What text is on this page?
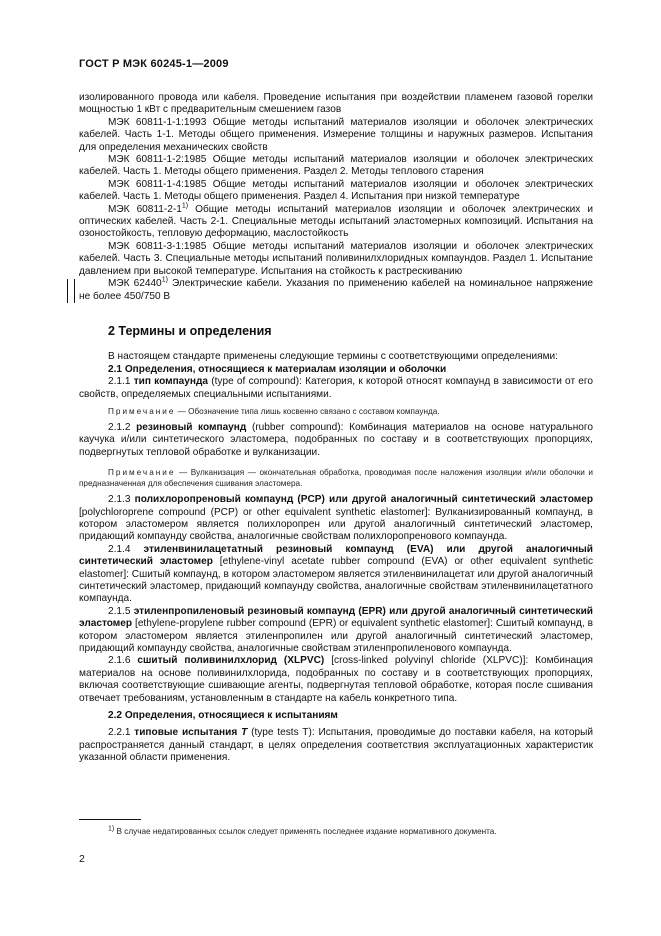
ГОСТ Р МЭК 60245-1—2009

изолированного провода или кабеля. Проведение испытания при воздействии пламенем газовой горелки мощностью 1 кВт с предварительным смешением газов

МЭК 60811-1-1:1993 Общие методы испытаний материалов изоляции и оболочек электрических кабелей. Часть 1-1. Методы общего применения. Измерение толщины и наружных размеров. Испытания для определения механических свойств

МЭК 60811-1-2:1985 Общие методы испытаний материалов изоляции и оболочек электрических кабелей. Часть 1. Методы общего применения. Раздел 2. Методы теплового старения

МЭК 60811-1-4:1985 Общие методы испытаний материалов изоляции и оболочек электрических кабелей. Часть 1. Методы общего применения. Раздел 4. Испытания при низкой температуре

МЭК 60811-2-1$^{1)}$ Общие методы испытаний материалов изоляции и оболочек электрических и оптических кабелей. Часть 2-1. Специальные методы испытаний эластомерных композиций. Испытания на озоностойкость, тепловую деформацию, маслостойкость

МЭК 60811-3-1:1985 Общие методы испытаний материалов изоляции и оболочек электрических кабелей. Часть 3. Специальные методы испытаний поливинилхлоридных компаундов. Раздел 1. Испытание давлением при высокой температуре. Испытания на стойкость к растрескиванию

МЭК 62440$^{1)}$ Электрические кабели. Указания по применению кабелей на номинальное напряжение не более 450/750 В

2 Термины и определения

В настоящем стандарте применены следующие термины с соответствующими определениями:

2.1 Определения, относящиеся к материалам изоляции и оболочки

2.1.1 тип компаунда (type of compound): Категория, к которой относят компаунд в зависимости от его свойств, определяемых специальными испытаниями.

Примечание — Обозначение типа лишь косвенно связано с составом компаунда.

2.1.2 резиновый компаунд (rubber compound): Комбинация материалов на основе натурального каучука и/или синтетического эластомера, подобранных по составу и в соответствующих пропорциях, подвергнутых тепловой обработке и вулканизации.

Примечание — Вулканизация — окончательная обработка, проводимая после наложения изоляции и/или оболочки и предназначенная для обеспечения сшивания эластомера.

2.1.3 полихлоропреновый компаунд (PCP) или другой аналогичный синтетический эластомер [polychloroprene compound (PCP) or other equivalent synthetic elastomer]: Вулканизированный компаунд, в котором эластомером является полихлоропрен или другой аналогичный синтетический эластомер, придающий компаунду свойства, аналогичные свойствам полихлоропренового компаунда.

2.1.4 этиленвинилацетатный резиновый компаунд (EVA) или другой аналогичный синтетический эластомер [ethylene-vinyl acetate rubber compound (EVA) or other equivalent synthetic elastomer]: Сшитый компаунд, в котором эластомером является этиленвинилацетат или другой аналогичный синтетический эластомер, придающий компаунду свойства, аналогичные свойствам этиленвинилацетатного компаунда.

2.1.5 этиленпропиленовый резиновый компаунд (EPR) или другой аналогичный синтетический эластомер [ethylene-propylene rubber compound (EPR) or equivalent synthetic elastomer]: Сшитый компаунд, в котором эластомером является этиленпропилен или другой аналогичный синтетический эластомер, придающий компаунду свойства, аналогичные свойствам этиленпропиленового компаунда.

2.1.6 сшитый поливинилхлорид (XLPVC) [cross-linked polyvinyl chloride (XLPVC)]: Комбинация материалов на основе поливинилхлорида, подобранных по составу и в соответствующих пропорциях, включая соответствующие сшивающие агенты, подвергнутая тепловой обработке, которая после сшивания отвечает требованиям, установленным в стандарте на кабель конкретного типа.

2.2 Определения, относящиеся к испытаниям

2.2.1 типовые испытания T (type tests T): Испытания, проводимые до поставки кабеля, на который распространяется данный стандарт, в целях определения соответствия эксплуатационных характеристик указанной области применения.

$^{1)}$ В случае недатированных ссылок следует применять последнее издание нормативного документа.
2
